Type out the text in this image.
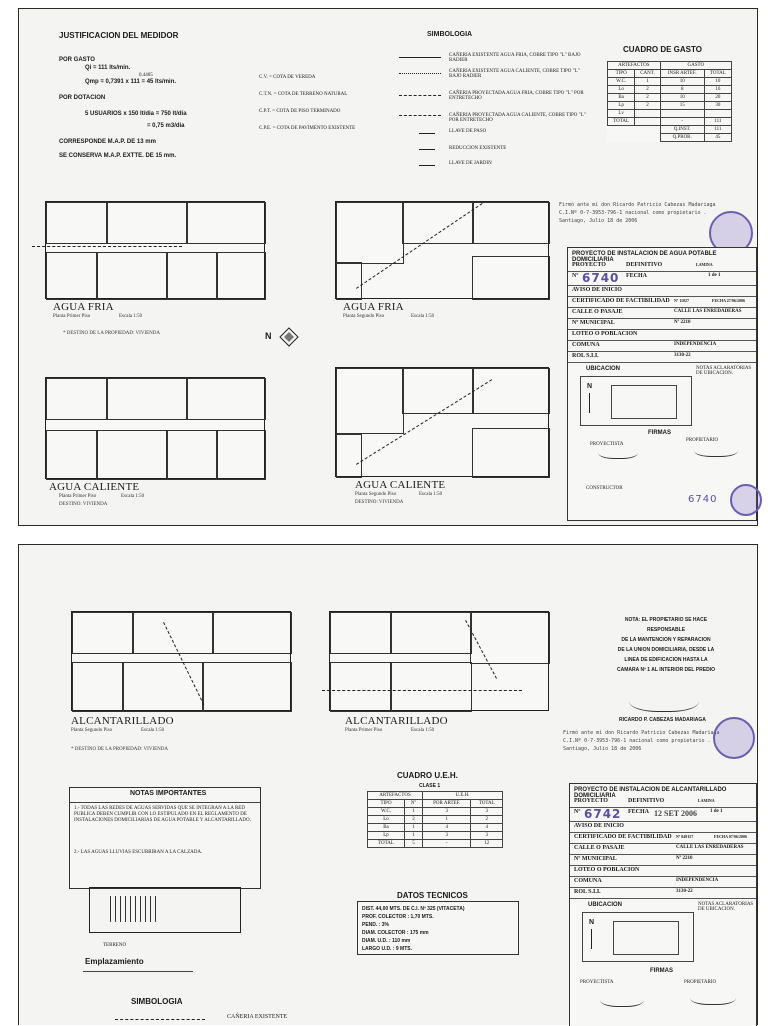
JUSTIFICACION DEL MEDIDOR
POR GASTO
Qi = 111 lts/min.
0.4405
Qmp = 0,7391 x 111 = 45 lts/min.
POR DOTACION
5 USUARIOS x 150 lt/dia = 750 lt/dia
= 0,75 m3/dia
CORRESPONDE M.A.P. DE 13 mm
SE CONSERVA M.A.P. EXTTE. DE 15 mm.
SIMBOLOGIA
C.V. = COTA DE VEREDA
C.T.N. = COTA DE TERRENO NATURAL
C.P.T. = COTA DE PISO TERMINADO
C.P.E. = COTA DE PAVIMENTO EXISTENTE
CAÑERIA EXISTENTE AGUA FRIA, COBRE TIPO "L" BAJO RADIER
CAÑERIA EXISTENTE AGUA CALIENTE, COBRE TIPO "L" BAJO RADIER
CAÑERIA PROYECTADA AGUA FRIA, COBRE TIPO "L" POR ENTRETECHO
CAÑERIA PROYECTADA AGUA CALIENTE, COBRE TIPO "L" POR ENTRETECHO
LLAVE DE PASO
REDUCCION EXISTENTE
LLAVE DE JARDIN
CUADRO DE GASTO
ARTEFACTOS		GASTO	
TIPO	CANT.	INSR ARTEF.	TOTAL
W.C.	1	10	10
Lo	2	8	16
Ba	2	10	20
Lp	2	15	30
Lv			
TOTAL		-	111
		Q.INST.	111
		Q.PROB.	45
AGUA FRIA
Planta Primer Piso	Escala 1:50
* DESTINO DE LA PROPIEDAD: VIVIENDA	N
AGUA FRIA
Planta Segundo Piso	Escala 1:50
AGUA CALIENTE
Planta Primer Piso	Escala 1:50
DESTINO: VIVIENDA
AGUA CALIENTE
Planta Segundo Piso	Escala 1:50
DESTINO: VIVIENDA
Firmó ante mí don Ricardo Patricio Cabezas Madariaga
C.I.Nº 0-7-3953-796-1 nacional como propietario .
Santiago, Julio 18 de 2006
PROYECTO DE INSTALACION DE AGUA POTABLE DOMICILIARIA
PROYECTO	DEFINITIVO	LAMINA
Nº 6740 FECHA	1 de 1
AVISO DE INICIO
CERTIFICADO DE FACTIBILIDAD Nº 11027	FECHA 27/06/2006
CALLE O PASAJE	CALLE LAS ENREDADERAS
Nº MUNICIPAL	Nº 2210
LOTEO O POBLACION
COMUNA	INDEPENDENCIA
ROL S.I.I.	3130-22
UBICACION	NOTAS ACLARATORIAS DE UBICACION.
N
FIRMAS
PROYECTISTA
PROPIETARIO
CONSTRUCTOR
6740
ALCANTARILLADO
Planta Segundo Piso	Escala 1:50
* DESTINO DE LA PROPIEDAD: VIVIENDA
ALCANTARILLADO
Planta Primer Piso	Escala 1:50
NOTA: EL PROPIETARIO SE HACE RESPONSABLE
DE LA MANTENCION Y REPARACION
DE LA UNION DOMICILIARIA, DESDE LA
LINEA DE EDIFICACION HASTA LA
CAMARA Nº 1 AL INTERIOR DEL PREDIO
RICARDO P. CABEZAS MADARIAGA
Firmó ante mí don Ricardo Patricio Cabezas Madariaga
C.I.Nº 0-7-3953-796-1 nacional como propietario .
Santiago, Julio 18 de 2006
NOTAS IMPORTANTES
1.- TODAS LAS REDES DE AGUAS SERVIDAS QUE SE INTEGRAN A LA RED PUBLICA DEBEN CUMPLIR CON LO ESTIPULADO EN EL REGLAMENTO DE INSTALACIONES DOMICILIARIAS DE AGUA POTABLE Y ALCANTARILLADO.
2.- LAS AGUAS LLUVIAS ESCURRIRAN A LA CALZADA.
CUADRO U.E.H.
CLASE 1
ARTEFACTOS		U.E.H.	
TIPO	Nº	POR ARTEF.	TOTAL
W.C.	1	3	3
Lo	2	1	2
Ba	1	4	4
Lp	1	3	3
TOTAL	5	-	12
DATOS TECNICOS
DIST. 44,00 MTS. DE C.I. Nº 325 (VITACETA)
PROF. COLECTOR : 1,70 MTS.
PEND. : 3%
DIAM. COLECTOR : 175 mm
DIAM. U.D. : 110 mm
LARGO U.D. : 9 MTS.
TERRENO
Emplazamiento
SIMBOLOGIA
CAÑERIA EXISTENTE
PROYECTO DE INSTALACION DE ALCANTARILLADO DOMICILIARIA
PROYECTO	DEFINITIVO	LAMINA
Nº 6742 FECHA 12 SET 2006	1 de 1
AVISO DE INICIO
CERTIFICADO DE FACTIBILIDAD Nº 049157	FECHA 07/06/2006
CALLE O PASAJE	CALLE LAS ENREDADERAS
Nº MUNICIPAL	Nº 2210
LOTEO O POBLACION
COMUNA	INDEPENDENCIA
ROL S.I.I.	3130-22
UBICACION	NOTAS ACLARATORIAS DE UBICACION.
N
FIRMAS
PROYECTISTA	PROPIETARIO
